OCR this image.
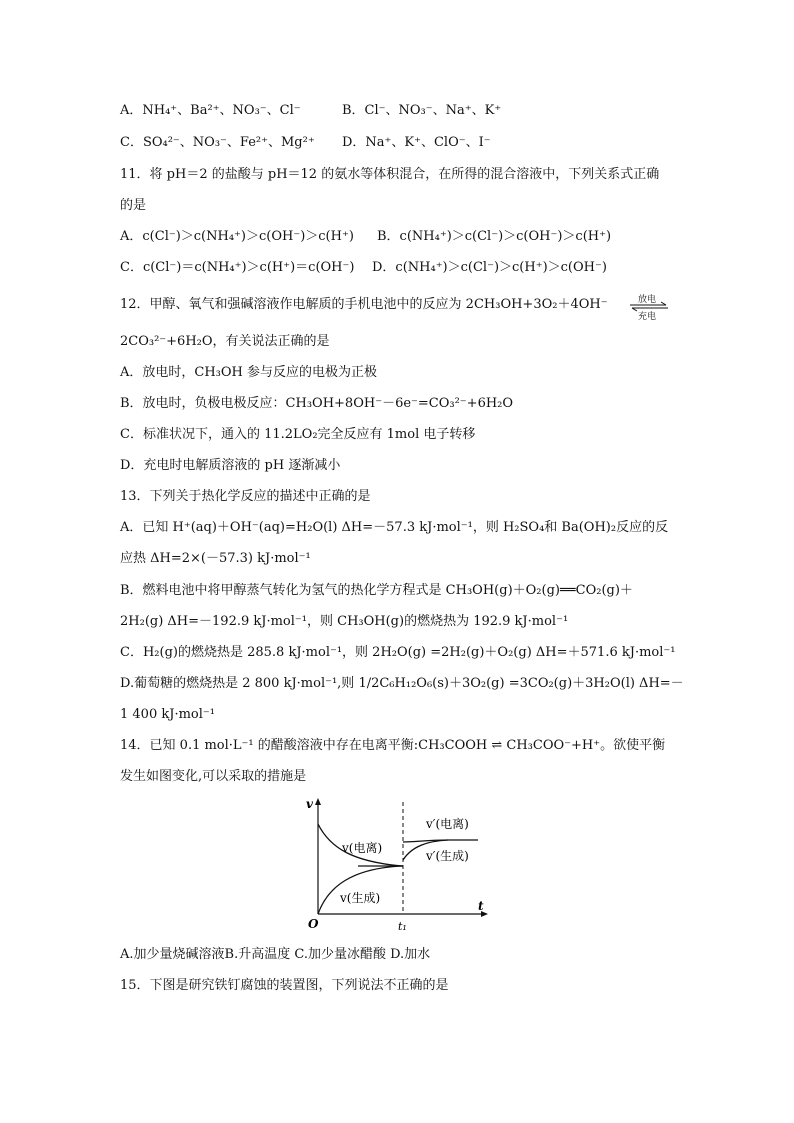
A．NH₄⁺、Ba²⁺、NO₃⁻、Cl⁻	B．Cl⁻、NO₃⁻、Na⁺、K⁺
C．SO₄²⁻、NO₃⁻、Fe²⁺、Mg²⁺ D．Na⁺、K⁺、ClO⁻、I⁻
11．将 pH＝2 的盐酸与 pH＝12 的氨水等体积混合，在所得的混合溶液中，下列关系式正确
的是
A．c(Cl⁻)＞c(NH₄⁺)＞c(OH⁻)＞c(H⁺) B．c(NH₄⁺)＞c(Cl⁻)＞c(OH⁻)＞c(H⁺)
C．c(Cl⁻)＝c(NH₄⁺)＞c(H⁺)＝c(OH⁻) D．c(NH₄⁺)＞c(Cl⁻)＞c(H⁺)＞c(OH⁻)
12．甲醇、氧气和强碱溶液作电解质的手机电池中的反应为 2CH₃OH+3O₂＋4OH⁻	放电
充电
2CO₃²⁻+6H₂O，有关说法正确的是
A．放电时，CH₃OH 参与反应的电极为正极
B．放电时，负极电极反应：CH₃OH+8OH⁻－6e⁻=CO₃²⁻+6H₂O
C．标准状况下，通入的 11.2LO₂完全反应有 1mol 电子转移
D．充电时电解质溶液的 pH 逐渐减小
13．下列关于热化学反应的描述中正确的是
A．已知 H⁺(aq)＋OH⁻(aq)=H₂O(l) ΔH=－57.3 kJ·mol⁻¹，则 H₂SO₄和 Ba(OH)₂反应的反
应热 ΔH=2×(－57.3) kJ·mol⁻¹
B．燃料电池中将甲醇蒸气转化为氢气的热化学方程式是 CH₃OH(g)＋O₂(g)══CO₂(g)＋
2H₂(g) ΔH=－192.9 kJ·mol⁻¹，则 CH₃OH(g)的燃烧热为 192.9 kJ·mol⁻¹
C．H₂(g)的燃烧热是 285.8 kJ·mol⁻¹，则 2H₂O(g) =2H₂(g)＋O₂(g) ΔH=＋571.6 kJ·mol⁻¹
D.葡萄糖的燃烧热是 2 800 kJ·mol⁻¹,则 1/2C₆H₁₂O₆(s)＋3O₂(g) =3CO₂(g)＋3H₂O(l) ΔH=－
1 400 kJ·mol⁻¹
14．已知 0.1 mol·L⁻¹ 的醋酸溶液中存在电离平衡:CH₃COOH ⇌ CH₃COO⁻+H⁺。欲使平衡
发生如图变化,可以采取的措施是
v
t
O	t₁
v(电离)
v(生成)
v′(电离)
v′(生成)
A.加少量烧碱溶液B.升高温度 C.加少量冰醋酸 D.加水
15．下图是研究铁钉腐蚀的装置图，下列说法不正确的是
